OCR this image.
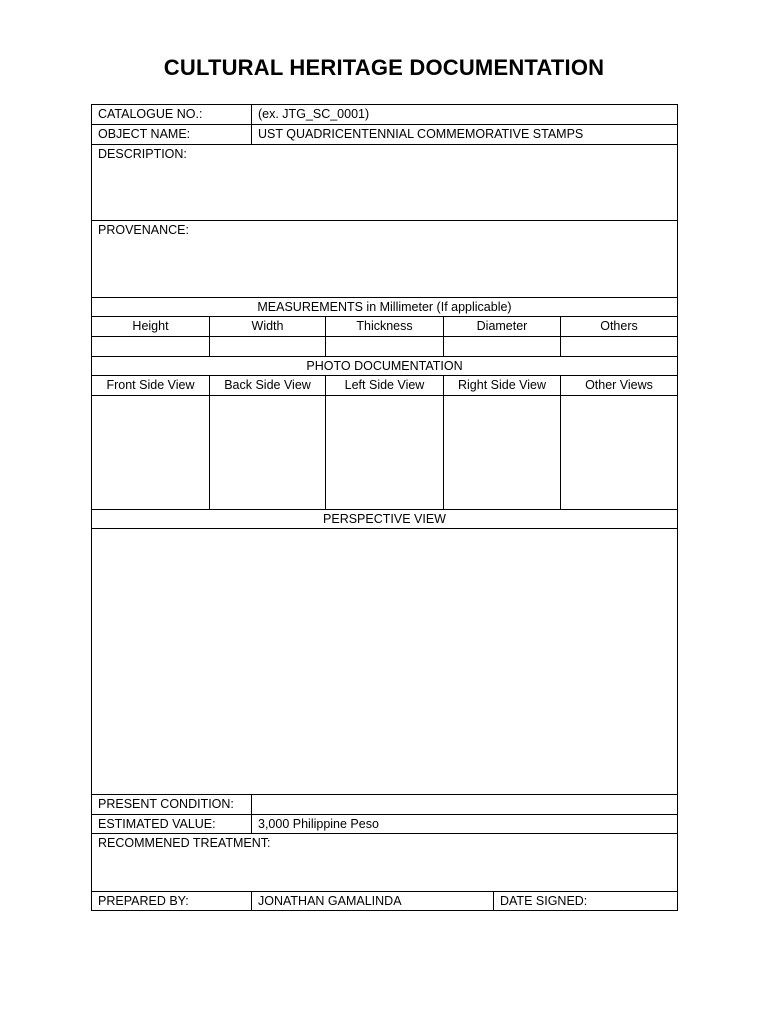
CULTURAL HERITAGE DOCUMENTATION
CATALOGUE NO.:	(ex. JTG_SC_0001)
OBJECT NAME:	UST QUADRICENTENNIAL COMMEMORATIVE STAMPS
DESCRIPTION:
PROVENANCE:
MEASUREMENTS in Millimeter (If applicable)
Height	Width	Thickness	Diameter	Others
PHOTO DOCUMENTATION
Front Side View	Back Side View	Left Side View	Right Side View	Other Views
PERSPECTIVE VIEW
PRESENT CONDITION:
ESTIMATED VALUE:	3,000 Philippine Peso
RECOMMENED TREATMENT:
PREPARED BY:	JONATHAN GAMALINDA	DATE SIGNED:
